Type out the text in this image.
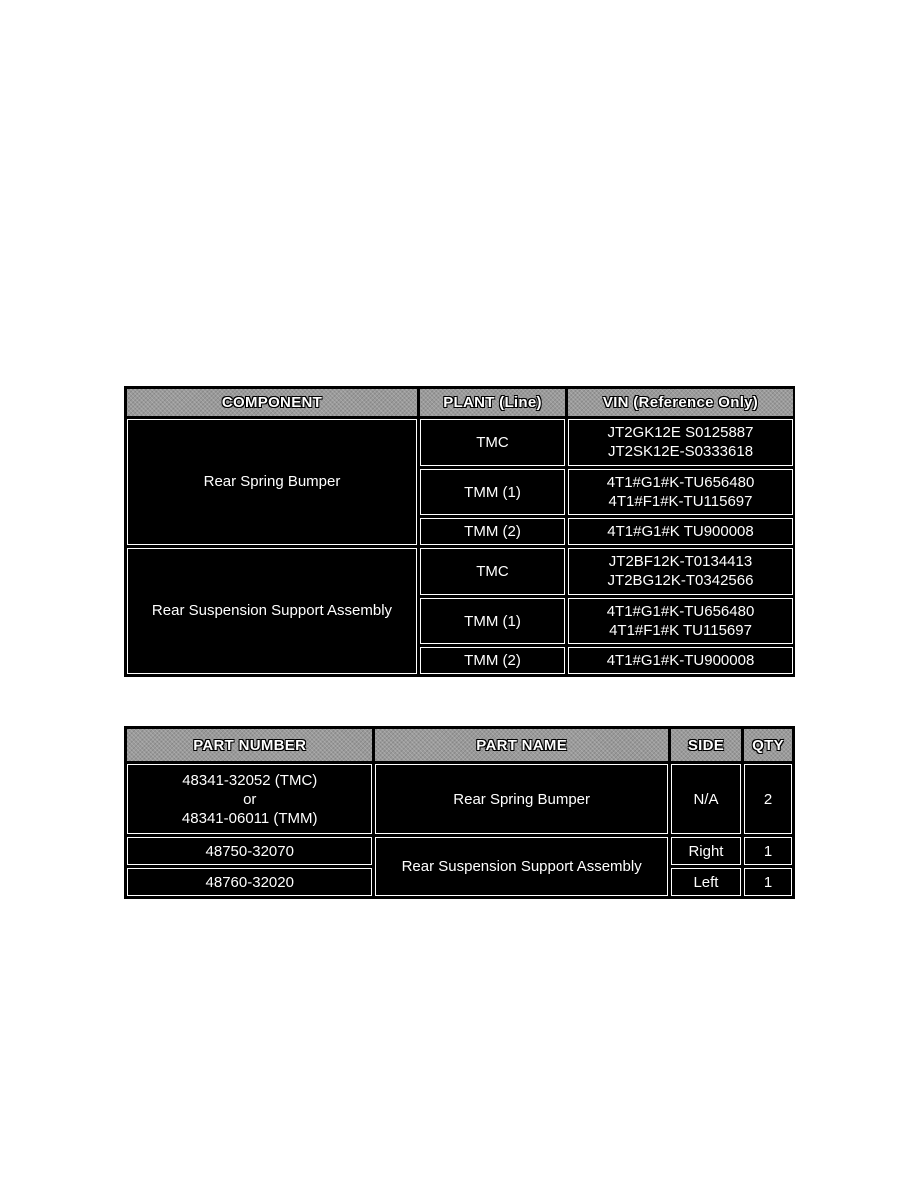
COMPONENT	PLANT (Line)	VIN (Reference Only)
Rear Spring Bumper	TMC	JT2GK12E S0125887
JT2SK12E-S0333618

	TMM (1)	4T1#G1#K-TU656480
4T1#F1#K-TU115697

	TMM (2)	4T1#G1#K TU900008

Rear Suspension Support Assembly	TMC	JT2BF12K-T0134413
JT2BG12K-T0342566

	TMM (1)	4T1#G1#K-TU656480
4T1#F1#K TU115697

	TMM (2)	4T1#G1#K-TU900008
PART NUMBER	PART NAME	SIDE	QTY

48341-32052 (TMC)
or
48341-06011 (TMM)	Rear Spring Bumper	N/A	2
48750-32070	Rear Suspension Support Assembly	Right	1
48760-32020		Left	1
